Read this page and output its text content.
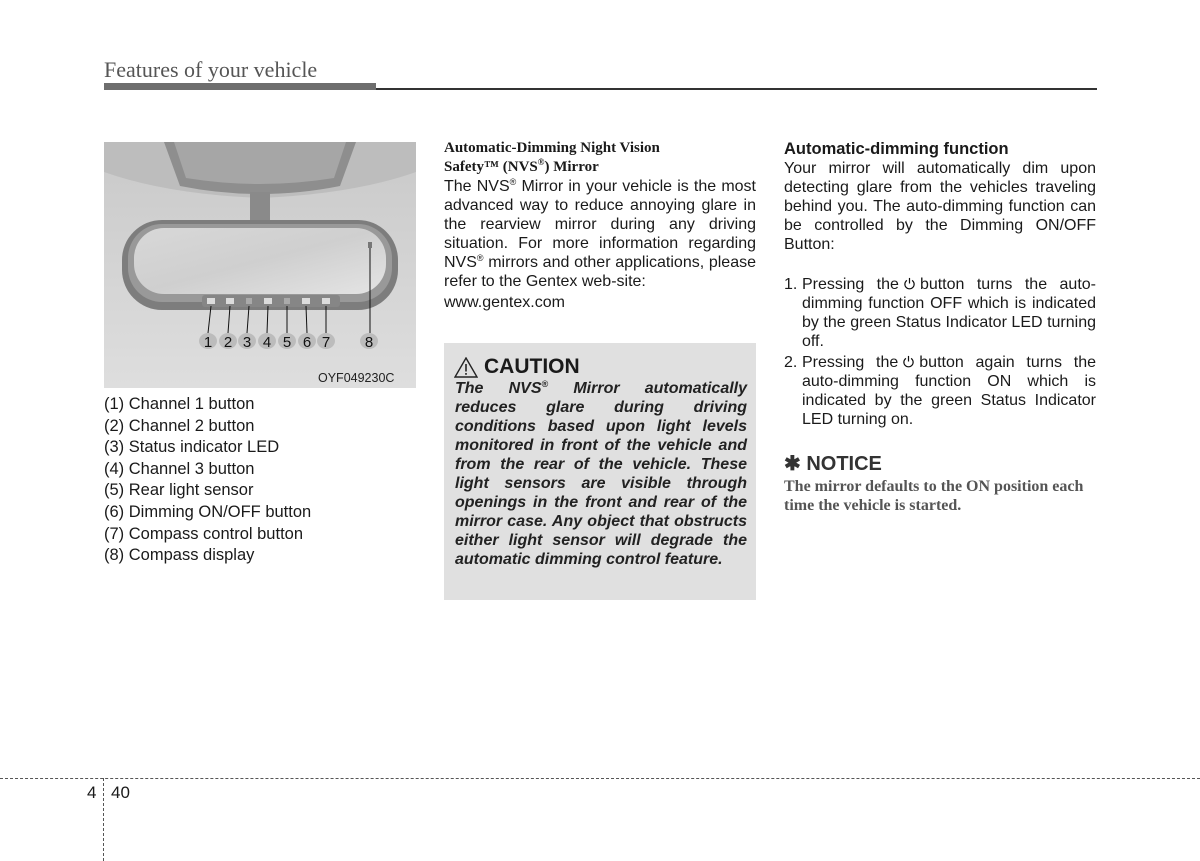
Features of your vehicle
1 2 3 4 5 6 7 8
OYF049230C
(1) Channel 1 button
(2) Channel 2 button
(3) Status indicator LED
(4) Channel 3 button
(5) Rear light sensor
(6) Dimming ON/OFF button
(7) Compass control button
(8) Compass display
Automatic-Dimming Night Vision
Safety™ (NVS®) Mirror
The NVS® Mirror in your vehicle is the most advanced way to reduce annoying glare in the rearview mirror during any driving situation. For more information regarding NVS® mirrors and other applications, please refer to the Gentex web-site:
www.gentex.com
CAUTION
The NVS® Mirror automatically reduces glare during driving conditions based upon light levels monitored in front of the vehicle and from the rear of the vehicle. These light sensors are visible through openings in the front and rear of the mirror case. Any object that obstructs either light sensor will degrade the automatic dimming control feature.
Automatic-dimming function
Your mirror will automatically dim upon detecting glare from the vehicles traveling behind you. The auto-dimming function can be controlled by the Dimming ON/OFF Button:
1. Pressing the button turns the auto-dimming function OFF which is indicated by the green Status Indicator LED turning off.
2. Pressing the button again turns the auto-dimming function ON which is indicated by the green Status Indicator LED turning on.
✱ NOTICE
The mirror defaults to the ON position each time the vehicle is started.
4 40
